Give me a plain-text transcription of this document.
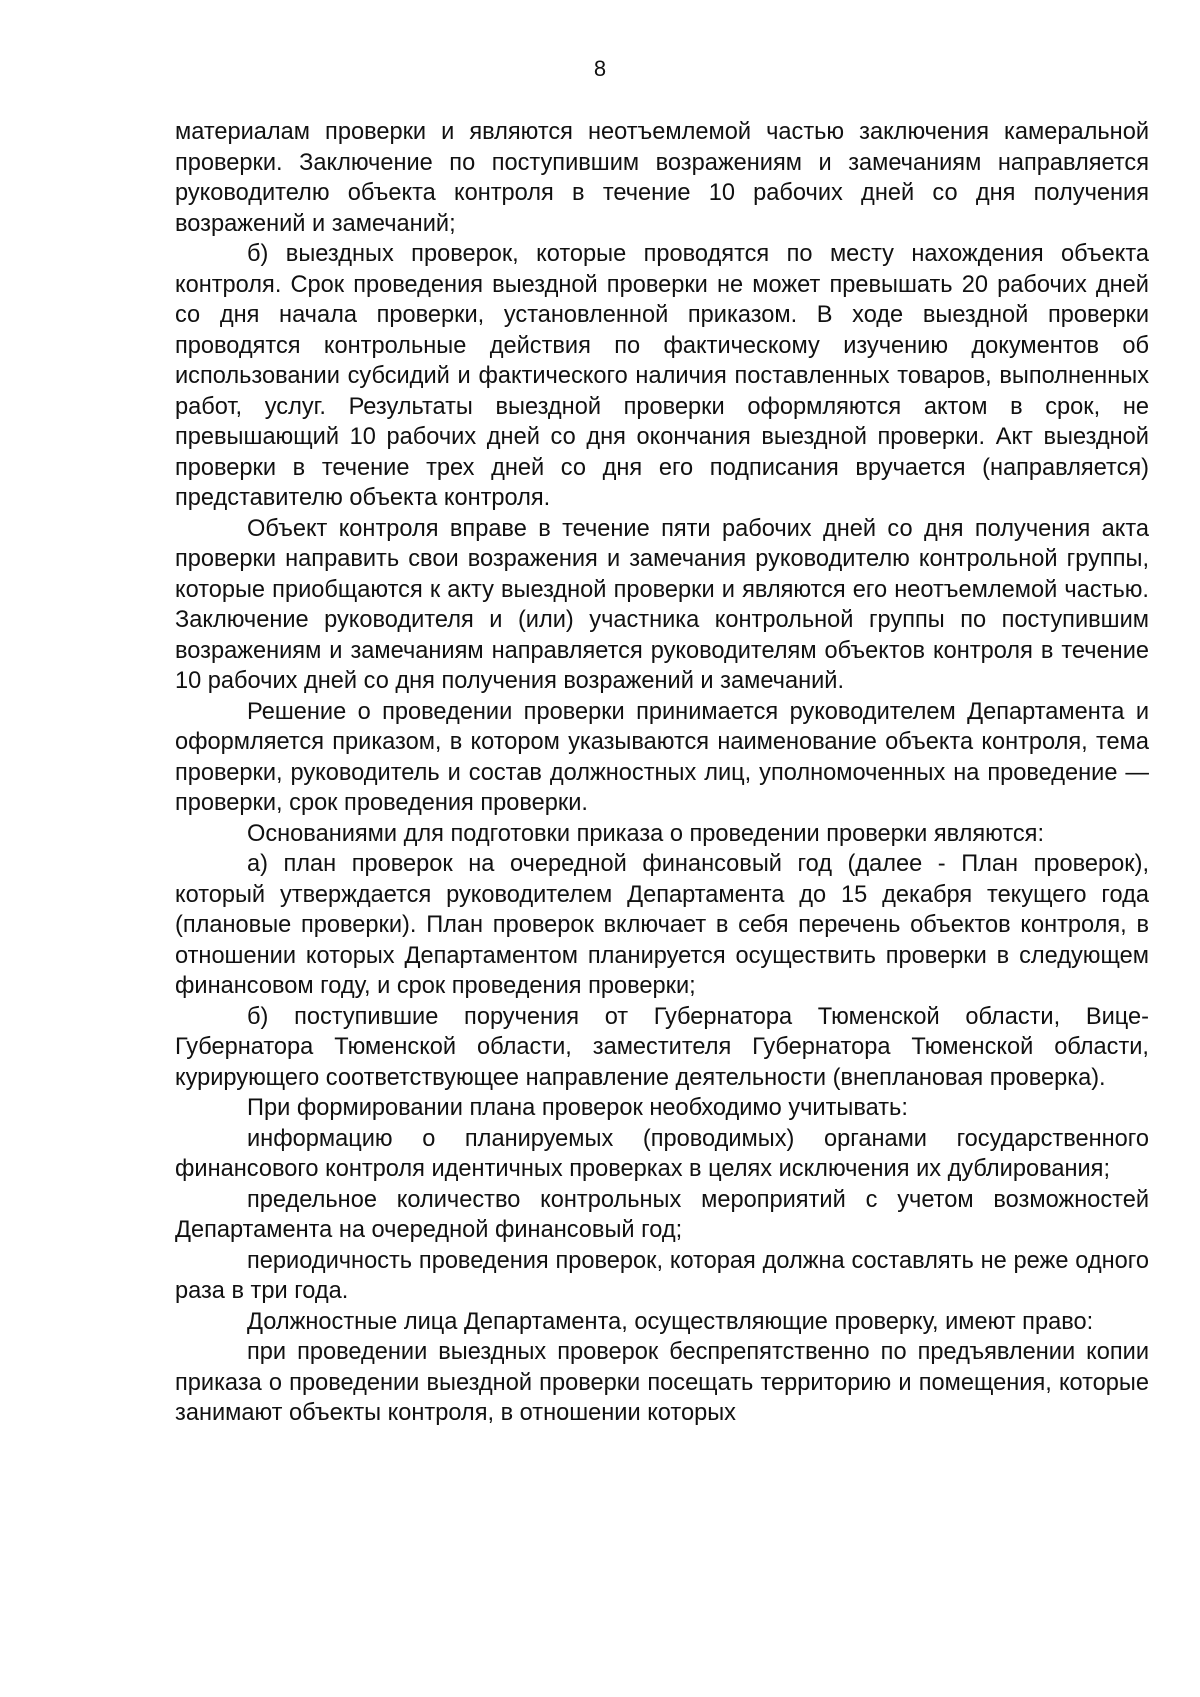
8

материалам проверки и являются неотъемлемой частью заключения камеральной проверки. Заключение по поступившим возражениям и замечаниям направляется руководителю объекта контроля в течение 10 рабочих дней со дня получения возражений и замечаний;

б) выездных проверок, которые проводятся по месту нахождения объекта контроля. Срок проведения выездной проверки не может превышать 20 рабочих дней со дня начала проверки, установленной приказом. В ходе выездной проверки проводятся контрольные действия по фактическому изучению документов об использовании субсидий и фактического наличия поставленных товаров, выполненных работ, услуг. Результаты выездной проверки оформляются актом в срок, не превышающий 10 рабочих дней со дня окончания выездной проверки. Акт выездной проверки в течение трех дней со дня его подписания вручается (направляется) представителю объекта контроля.

Объект контроля вправе в течение пяти рабочих дней со дня получения акта проверки направить свои возражения и замечания руководителю контрольной группы, которые приобщаются к акту выездной проверки и являются его неотъемлемой частью. Заключение руководителя и (или) участника контрольной группы по поступившим возражениям и замечаниям направляется руководителям объектов контроля в течение 10 рабочих дней со дня получения возражений и замечаний.

Решение о проведении проверки принимается руководителем Департамента и оформляется приказом, в котором указываются наименование объекта контроля, тема проверки, руководитель и состав должностных лиц, уполномоченных на проведение — проверки, срок проведения проверки.

Основаниями для подготовки приказа о проведении проверки являются:

а) план проверок на очередной финансовый год (далее - План проверок), который утверждается руководителем Департамента до 15 декабря текущего года (плановые проверки). План проверок включает в себя перечень объектов контроля, в отношении которых Департаментом планируется осуществить проверки в следующем финансовом году, и срок проведения проверки;

б) поступившие поручения от Губернатора Тюменской области, Вице-Губернатора Тюменской области, заместителя Губернатора Тюменской области, курирующего соответствующее направление деятельности (внеплановая проверка).

При формировании плана проверок необходимо учитывать:

информацию о планируемых (проводимых) органами государственного финансового контроля идентичных проверках в целях исключения их дублирования;

предельное количество контрольных мероприятий с учетом возможностей Департамента на очередной финансовый год;

периодичность проведения проверок, которая должна составлять не реже одного раза в три года.

Должностные лица Департамента, осуществляющие проверку, имеют право:

при проведении выездных проверок беспрепятственно по предъявлении копии приказа о проведении выездной проверки посещать территорию и помещения, которые занимают объекты контроля, в отношении которых
